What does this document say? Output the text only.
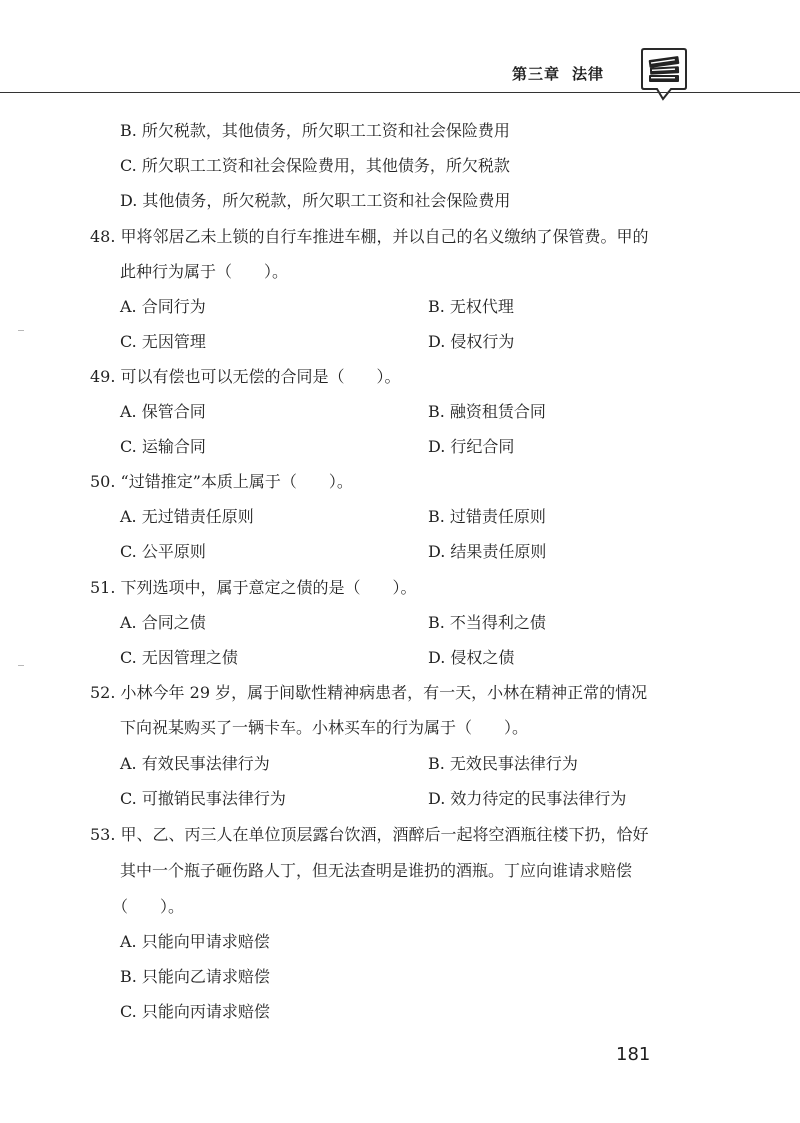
第三章 法律
B. 所欠税款，其他债务，所欠职工工资和社会保险费用
C. 所欠职工工资和社会保险费用，其他债务，所欠税款
D. 其他债务，所欠税款，所欠职工工资和社会保险费用
48. 甲将邻居乙未上锁的自行车推进车棚，并以自己的名义缴纳了保管费。甲的
此种行为属于（　　）。
A. 合同行为	B. 无权代理
C. 无因管理	D. 侵权行为
49. 可以有偿也可以无偿的合同是（　　）。
A. 保管合同	B. 融资租赁合同
C. 运输合同	D. 行纪合同
50. “过错推定”本质上属于（　　）。
A. 无过错责任原则	B. 过错责任原则
C. 公平原则	D. 结果责任原则
51. 下列选项中，属于意定之债的是（　　）。
A. 合同之债	B. 不当得利之债
C. 无因管理之债	D. 侵权之债
52. 小林今年 29 岁，属于间歇性精神病患者，有一天，小林在精神正常的情况
下向祝某购买了一辆卡车。小林买车的行为属于（　　）。
A. 有效民事法律行为	B. 无效民事法律行为
C. 可撤销民事法律行为	D. 效力待定的民事法律行为
53. 甲、乙、丙三人在单位顶层露台饮酒，酒醉后一起将空酒瓶往楼下扔，恰好
其中一个瓶子砸伤路人丁，但无法查明是谁扔的酒瓶。丁应向谁请求赔偿
（　　）。
A. 只能向甲请求赔偿
B. 只能向乙请求赔偿
C. 只能向丙请求赔偿
181
